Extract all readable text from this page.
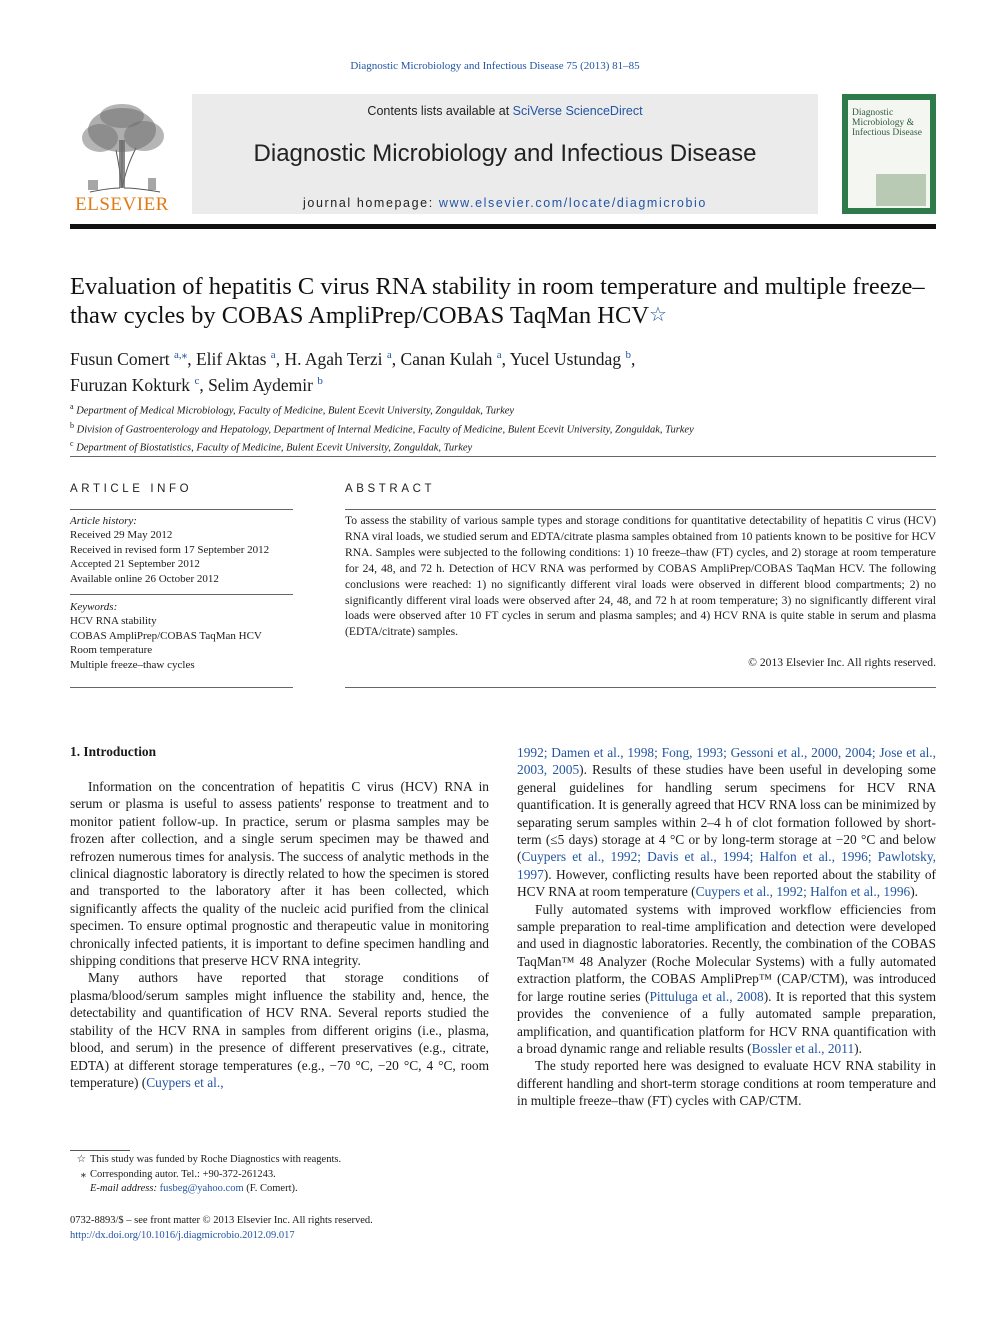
Diagnostic Microbiology and Infectious Disease 75 (2013) 81–85
Contents lists available at SciVerse ScienceDirect
Diagnostic Microbiology and Infectious Disease
journal homepage: www.elsevier.com/locate/diagmicrobio
ELSEVIER
Diagnostic Microbiology & Infectious Disease
Evaluation of hepatitis C virus RNA stability in room temperature and multiple freeze–thaw cycles by COBAS AmpliPrep/COBAS TaqMan HCV☆
Fusun Comert $^{a,⁎}$, Elif Aktas $^a$, H. Agah Terzi $^a$, Canan Kulah $^a$, Yucel Ustundag $^b$,
Furuzan Kokturk $^c$, Selim Aydemir $^b$
$^a$ Department of Medical Microbiology, Faculty of Medicine, Bulent Ecevit University, Zonguldak, Turkey
$^b$ Division of Gastroenterology and Hepatology, Department of Internal Medicine, Faculty of Medicine, Bulent Ecevit University, Zonguldak, Turkey
$^c$ Department of Biostatistics, Faculty of Medicine, Bulent Ecevit University, Zonguldak, Turkey
ARTICLE INFO	ABSTRACT
Article history:
Received 29 May 2012
Received in revised form 17 September 2012
Accepted 21 September 2012
Available online 26 October 2012
Keywords:
HCV RNA stability
COBAS AmpliPrep/COBAS TaqMan HCV
Room temperature
Multiple freeze–thaw cycles
To assess the stability of various sample types and storage conditions for quantitative detectability of hepatitis C virus (HCV) RNA viral loads, we studied serum and EDTA/citrate plasma samples obtained from 10 patients known to be positive for HCV RNA. Samples were subjected to the following conditions: 1) 10 freeze–thaw (FT) cycles, and 2) storage at room temperature for 24, 48, and 72 h. Detection of HCV RNA was performed by COBAS AmpliPrep/COBAS TaqMan HCV. The following conclusions were reached: 1) no significantly different viral loads were observed in different blood compartments; 2) no significantly different viral loads were observed after 24, 48, and 72 h at room temperature; 3) no significantly different viral loads were observed after 10 FT cycles in serum and plasma samples; and 4) HCV RNA is quite stable in serum and plasma (EDTA/citrate) samples.
© 2013 Elsevier Inc. All rights reserved.
1. Introduction

Information on the concentration of hepatitis C virus (HCV) RNA in serum or plasma is useful to assess patients' response to treatment and to monitor patient follow-up. In practice, serum or plasma samples may be frozen after collection, and a single serum specimen may be thawed and refrozen numerous times for analysis. The success of analytic methods in the clinical diagnostic laboratory is directly related to how the specimen is stored and transported to the laboratory after it has been collected, which significantly affects the quality of the nucleic acid purified from the clinical specimen. To ensure optimal prognostic and therapeutic value in monitoring chronically infected patients, it is important to define specimen handling and shipping conditions that preserve HCV RNA integrity.

Many authors have reported that storage conditions of plasma/blood/serum samples might influence the stability and, hence, the detectability and quantification of HCV RNA. Several reports studied the stability of the HCV RNA in samples from different origins (i.e., plasma, blood, and serum) in the presence of different preservatives (e.g., citrate, EDTA) at different storage temperatures (e.g., −70 °C, −20 °C, 4 °C, room temperature) (Cuypers et al.,

1992; Damen et al., 1998; Fong, 1993; Gessoni et al., 2000, 2004; Jose et al., 2003, 2005). Results of these studies have been useful in developing some general guidelines for handling serum specimens for HCV RNA quantification. It is generally agreed that HCV RNA loss can be minimized by separating serum samples within 2–4 h of clot formation followed by short-term (≤5 days) storage at 4 °C or by long-term storage at −20 °C and below (Cuypers et al., 1992; Davis et al., 1994; Halfon et al., 1996; Pawlotsky, 1997). However, conflicting results have been reported about the stability of HCV RNA at room temperature (Cuypers et al., 1992; Halfon et al., 1996).

Fully automated systems with improved workflow efficiencies from sample preparation to real-time amplification and detection were developed and used in diagnostic laboratories. Recently, the combination of the COBAS TaqMan™ 48 Analyzer (Roche Molecular Systems) with a fully automated extraction platform, the COBAS AmpliPrep™ (CAP/CTM), was introduced for large routine series (Pittuluga et al., 2008). It is reported that this system provides the convenience of a fully automated sample preparation, amplification, and quantification platform for HCV RNA quantification with a broad dynamic range and reliable results (Bossler et al., 2011).

The study reported here was designed to evaluate HCV RNA stability in different handling and short-term storage conditions at room temperature and in multiple freeze–thaw (FT) cycles with CAP/CTM.

☆ This study was funded by Roche Diagnostics with reagents.
⁎ Corresponding autor. Tel.: +90-372-261243.
E-mail address: fusbeg@yahoo.com (F. Comert).
0732-8893/$ – see front matter © 2013 Elsevier Inc. All rights reserved.
http://dx.doi.org/10.1016/j.diagmicrobio.2012.09.017
